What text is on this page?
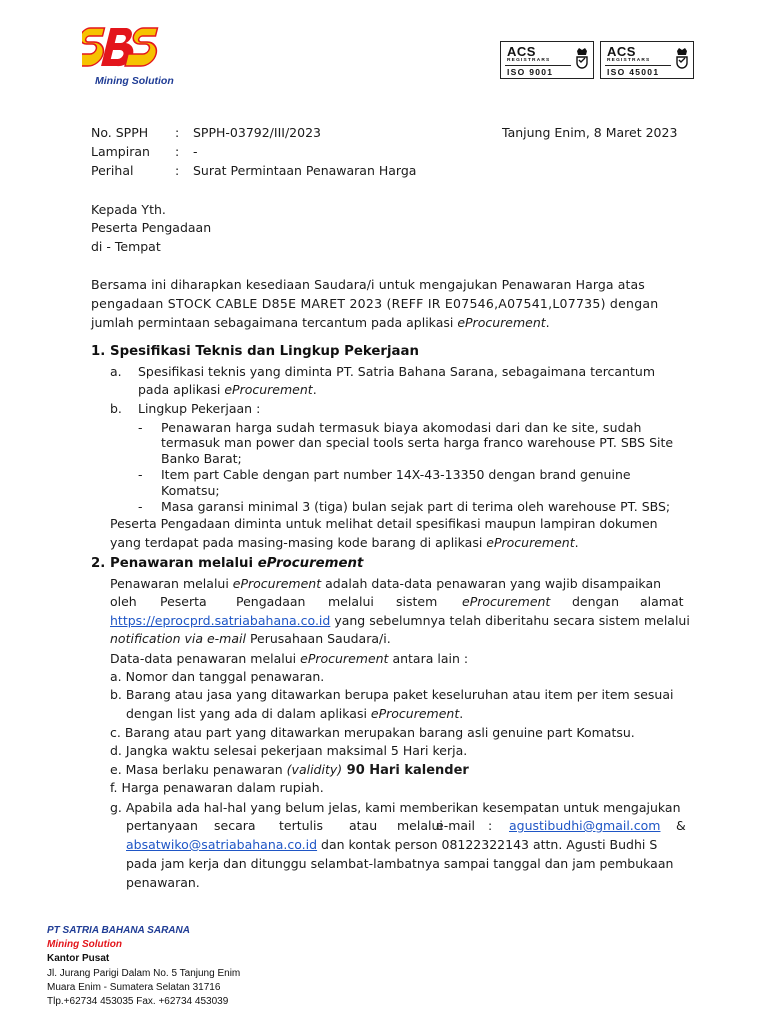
Mining Solution
ACS
REGISTRARS
ISO 9001
ACS
REGISTRARS
ISO 45001
No. SPPH : SPPH-03792/III/2023	Tanjung Enim, 8 Maret 2023
Lampiran : -
Perihal	: Surat Permintaan Penawaran Harga
Kepada Yth.
Peserta Pengadaan
di - Tempat
Bersama ini diharapkan kesediaan Saudara/i untuk mengajukan Penawaran Harga atas
pengadaan STOCK CABLE D85E MARET 2023 (REFF IR E07546,A07541,L07735) dengan
jumlah permintaan sebagaimana tercantum pada aplikasi eProcurement.
1. Spesifikasi Teknis dan Lingkup Pekerjaan
a. Spesifikasi teknis yang diminta PT. Satria Bahana Sarana, sebagaimana tercantum
pada aplikasi eProcurement.
b. Lingkup Pekerjaan :
- Penawaran harga sudah termasuk biaya akomodasi dari dan ke site, sudah
termasuk man power dan special tools serta harga franco warehouse PT. SBS Site
Banko Barat;
- Item part Cable dengan part number 14X-43-13350 dengan brand genuine
Komatsu;
- Masa garansi minimal 3 (tiga) bulan sejak part di terima oleh warehouse PT. SBS;
Peserta Pengadaan diminta untuk melihat detail spesifikasi maupun lampiran dokumen
yang terdapat pada masing-masing kode barang di aplikasi eProcurement.
2. Penawaran melalui eProcurement
Penawaran melalui eProcurement adalah data-data penawaran yang wajib disampaikan
oleh Peserta Pengadaan melalui sistem eProcurement dengan alamat
https://eprocprd.satriabahana.co.id yang sebelumnya telah diberitahu secara sistem melalui
notification via e-mail Perusahaan Saudara/i.
Data-data penawaran melalui eProcurement antara lain :
a. Nomor dan tanggal penawaran.
b. Barang atau jasa yang ditawarkan berupa paket keseluruhan atau item per item sesuai
dengan list yang ada di dalam aplikasi eProcurement.
c. Barang atau part yang ditawarkan merupakan barang asli genuine part Komatsu.
d. Jangka waktu selesai pekerjaan maksimal 5 Hari kerja.
e. Masa berlaku penawaran (validity) 90 Hari kalender
f. Harga penawaran dalam rupiah.
g. Apabila ada hal-hal yang belum jelas, kami memberikan kesempatan untuk mengajukan
pertanyaan secara tertulis atau melalui
e-mail : agustibudhi@gmail.com &
absatwiko@satriabahana.co.id dan kontak person 08122322143 attn. Agusti Budhi S
pada jam kerja dan ditunggu selambat-lambatnya sampai tanggal dan jam pembukaan
penawaran.
PT SATRIA BAHANA SARANA
Mining Solution
Kantor Pusat
Jl. Jurang Parigi Dalam No. 5 Tanjung Enim
Muara Enim - Sumatera Selatan 31716
Tlp.+62734 453035 Fax. +62734 453039
